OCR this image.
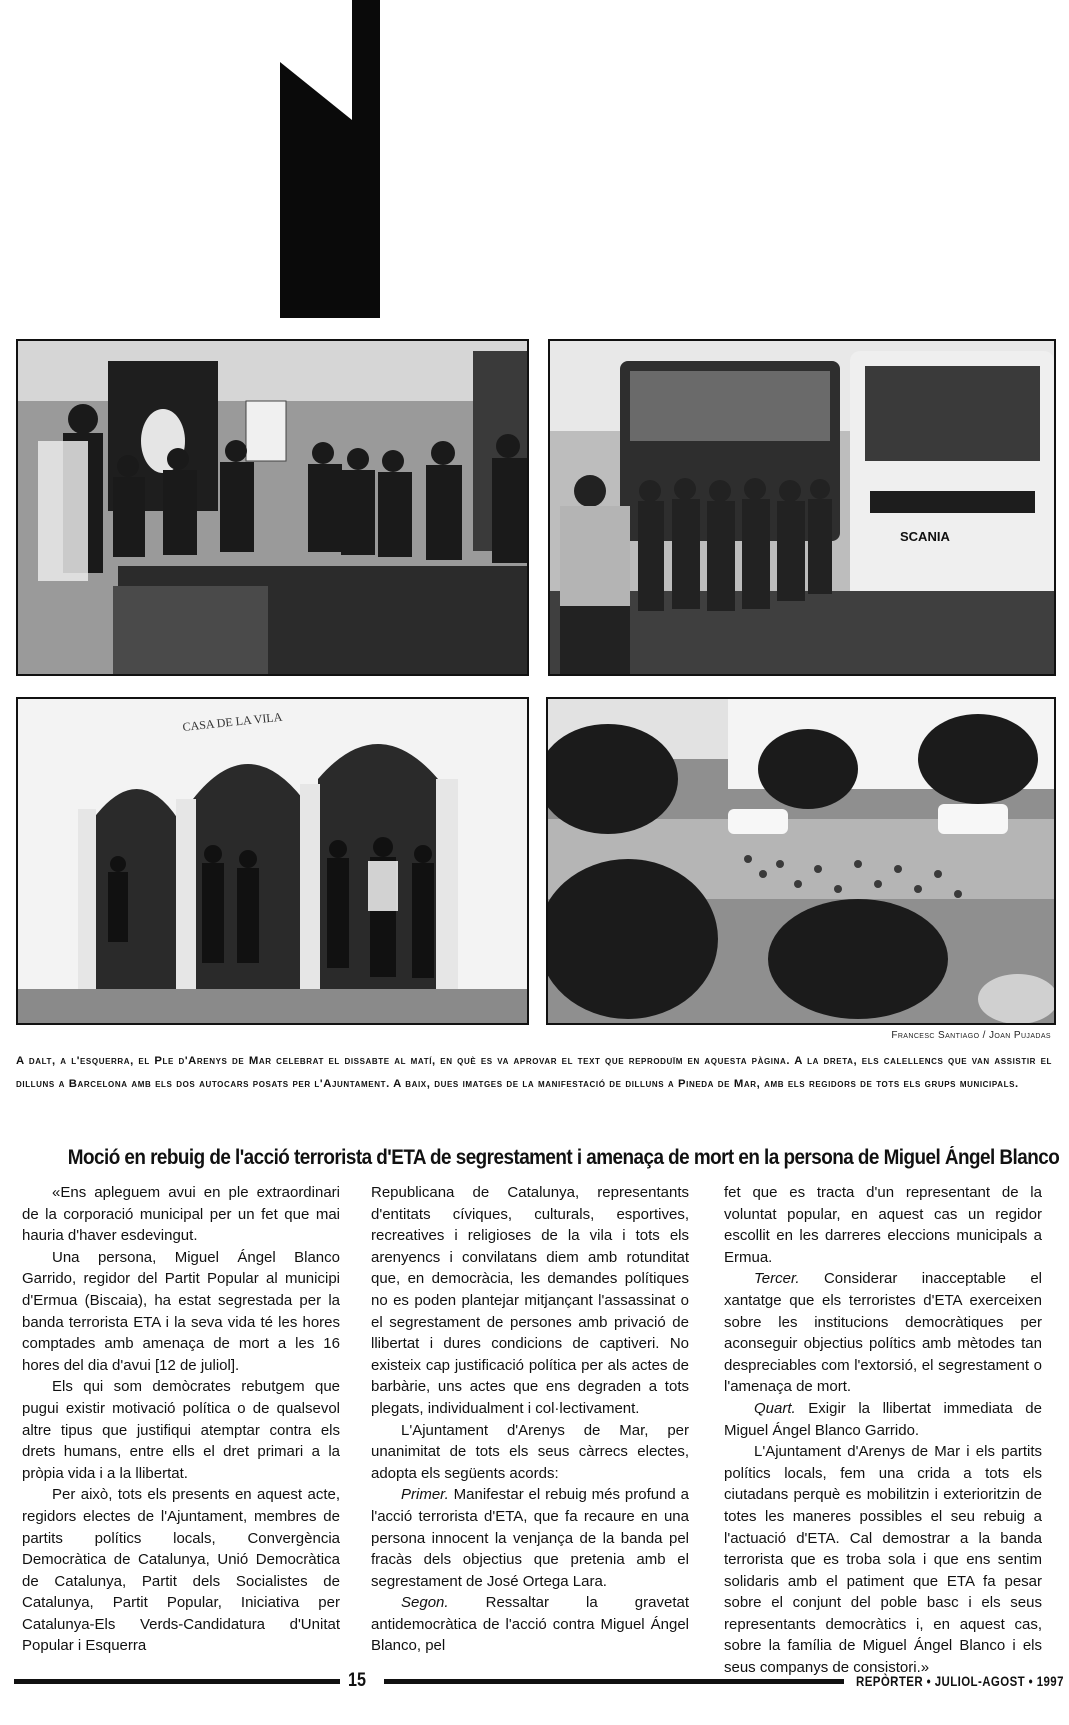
SCANIA
CASA DE LA VILA
Francesc Santiago / Joan Pujadas
A dalt, a l'esquerra, el Ple d'Arenys de Mar celebrat el dissabte al matí, en què es va aprovar el text que reproduïm en aquesta pàgina. A la dreta, els calellencs que van assistir el dilluns a Barcelona amb els dos autocars posats per l'Ajuntament. A baix, dues imatges de la manifestació de dilluns a Pineda de Mar, amb els regidors de tots els grups municipals.
Moció en rebuig de l'acció terrorista d'ETA de segrestament i amenaça de mort en la persona de Miguel Ángel Blanco

«Ens apleguem avui en ple extraordinari de la corporació municipal per un fet que mai hauria d'haver esdevingut.

Una persona, Miguel Ángel Blanco Garrido, regidor del Partit Popular al municipi d'Ermua (Biscaia), ha estat segrestada per la banda terrorista ETA i la seva vida té les hores comptades amb amenaça de mort a les 16 hores del dia d'avui [12 de juliol].

Els qui som demòcrates rebutgem que pugui existir motivació política o de qualsevol altre tipus que justifiqui atemptar contra els drets humans, entre ells el dret primari a la pròpia vida i a la llibertat.

Per això, tots els presents en aquest acte, regidors electes de l'Ajuntament, membres de partits polítics locals, Convergència Democràtica de Catalunya, Unió Democràtica de Catalunya, Partit dels Socialistes de Catalunya, Partit Popular, Iniciativa per Catalunya-Els Verds-Candidatura d'Unitat Popular i Esquerra

Republicana de Catalunya, representants d'entitats cíviques, culturals, esportives, recreatives i religioses de la vila i tots els arenyencs i convilatans diem amb rotunditat que, en democràcia, les demandes polítiques no es poden plantejar mitjançant l'assassinat o el segrestament de persones amb privació de llibertat i dures condicions de captiveri. No existeix cap justificació política per als actes de barbàrie, uns actes que ens degraden a tots plegats, individualment i col·lectivament.

L'Ajuntament d'Arenys de Mar, per unanimitat de tots els seus càrrecs electes, adopta els següents acords:

Primer. Manifestar el rebuig més profund a l'acció terrorista d'ETA, que fa recaure en una persona innocent la venjança de la banda pel fracàs dels objectius que pretenia amb el segrestament de José Ortega Lara.

Segon. Ressaltar la gravetat antidemocràtica de l'acció contra Miguel Ángel Blanco, pel

fet que es tracta d'un representant de la voluntat popular, en aquest cas un regidor escollit en les darreres eleccions municipals a Ermua.

Tercer. Considerar inacceptable el xantatge que els terroristes d'ETA exerceixen sobre les institucions democràtiques per aconseguir objectius polítics amb mètodes tan despreciables com l'extorsió, el segrestament o l'amenaça de mort.

Quart. Exigir la llibertat immediata de Miguel Ángel Blanco Garrido.

L'Ajuntament d'Arenys de Mar i els partits polítics locals, fem una crida a tots els ciutadans perquè es mobilitzin i exterioritzin de totes les maneres possibles el seu rebuig a l'actuació d'ETA. Cal demostrar a la banda terrorista que es troba sola i que ens sentim solidaris amb el patiment que ETA fa pesar sobre el conjunt del poble basc i els seus representants democràtics i, en aquest cas, sobre la família de Miguel Ángel Blanco i els seus companys de consistori.»

15	REPÒRTER • JULIOL-AGOST • 1997
